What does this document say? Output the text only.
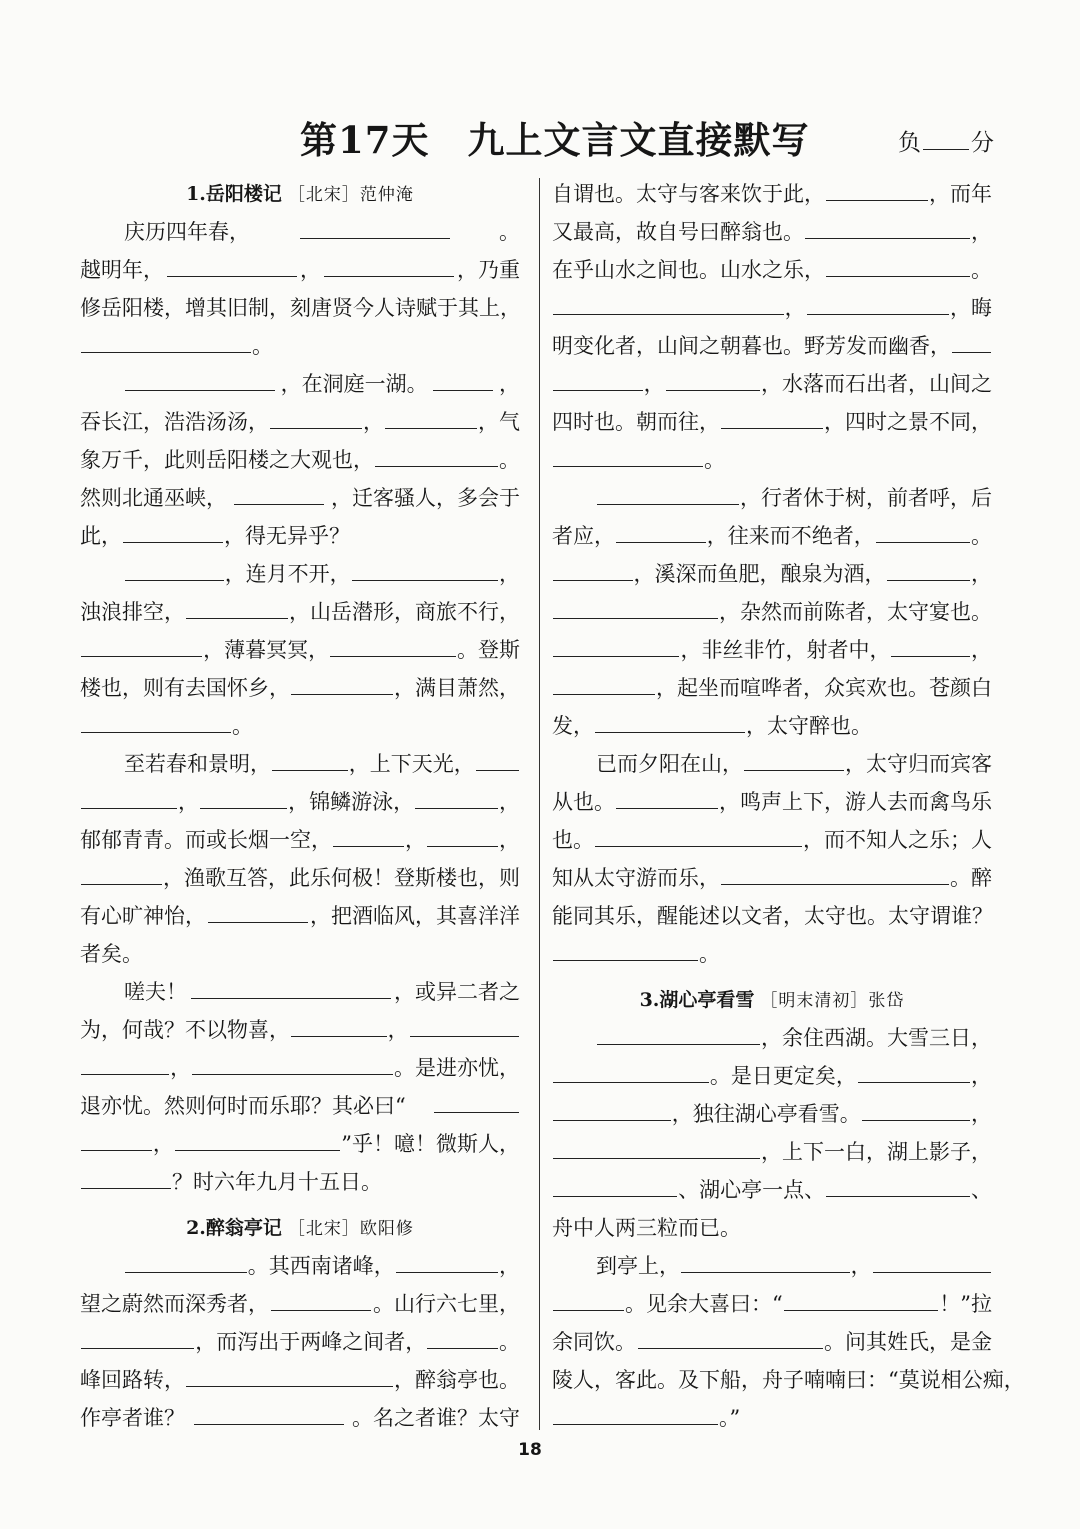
第17天　九上文言文直接默写	负 分
1.岳阳楼记 ［北宋］范仲淹
庆历四年春，	。
越明年，	，	，乃重
修岳阳楼，增其旧制，刻唐贤今人诗赋于其上，
。
，在洞庭一湖。	，
吞长江，浩浩汤汤，	，	，气
象万千，此则岳阳楼之大观也，	。
然则北通巫峡，	，迁客骚人，多会于
此，	，得无异乎？
，连月不开，	，
浊浪排空，	，山岳潜形，商旅不行，
，薄暮冥冥，	。登斯
楼也，则有去国怀乡，	，满目萧然，
。
至若春和景明，	，上下天光，
，	，锦鳞游泳，	，
郁郁青青。而或长烟一空，	，	，
，渔歌互答，此乐何极！登斯楼也，则
有心旷神怡，	，把酒临风，其喜洋洋
者矣。
嗟夫！	，或异二者之
为，何哉？不以物喜，	，
，	。是进亦忧，
退亦忧。然则何时而乐耶？其必曰“
，	”乎！噫！微斯人，
？时六年九月十五日。
2.醉翁亭记 ［北宋］欧阳修
。其西南诸峰，	，
望之蔚然而深秀者，	。山行六七里，
，而泻出于两峰之间者，	。
峰回路转，	，醉翁亭也。
作亭者谁？	。名之者谁？太守
自谓也。太守与客来饮于此，	，而年
又最高，故自号曰醉翁也。	，
在乎山水之间也。山水之乐，	。
，	，晦
明变化者，山间之朝暮也。野芳发而幽香，
，	，水落而石出者，山间之
四时也。朝而往，	，四时之景不同，
。
，行者休于树，前者呼，后
者应，	，往来而不绝者，	。
，溪深而鱼肥，酿泉为酒，	，
，杂然而前陈者，太守宴也。
，非丝非竹，射者中，	，
，起坐而喧哗者，众宾欢也。苍颜白
发，	，太守醉也。
已而夕阳在山，	，太守归而宾客
从也。	，鸣声上下，游人去而禽鸟乐
也。	，而不知人之乐；人
知从太守游而乐，	。醉
能同其乐，醒能述以文者，太守也。太守谓谁？
。
3.湖心亭看雪 ［明末清初］张岱
，余住西湖。大雪三日，
。是日更定矣，	，
，独往湖心亭看雪。	，
，上下一白，湖上影子，
、湖心亭一点、	、
舟中人两三粒而已。
到亭上，	，
。见余大喜曰：“	！”拉
余同饮。	。问其姓氏，是金
陵人，客此。及下船，舟子喃喃曰：“莫说相公痴，
。”
18
